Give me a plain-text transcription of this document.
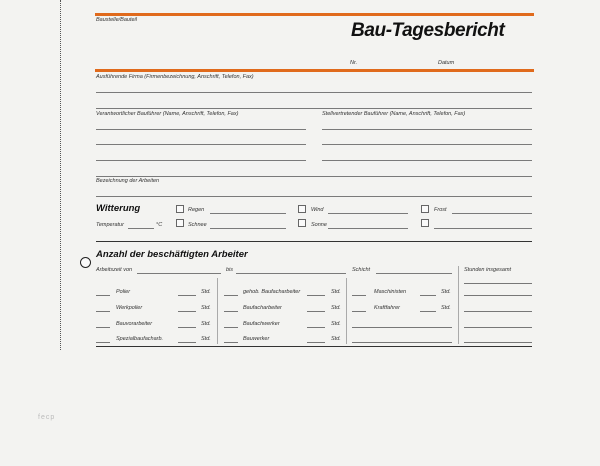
Baustelle/Bauteil	Bau-Tagesbericht
Nr.	Datum
Ausführende Firma (Firmenbezeichnung, Anschrift, Telefon, Fax)
Verantwortlicher Bauführer (Name, Anschrift, Telefon, Fax)	Stellvertretender Bauführer (Name, Anschrift, Telefon, Fax)
Bezeichnung der Arbeiten
Witterung	Regen	Wind	Frost
Temperatur	°C	Schnee	Sonne
Anzahl der beschäftigten Arbeiter
Arbeitszeit von	bis	Schicht	Stunden insgesamt
Polier	Std.
Werkpolier	Std.
Bauvorarbeiter	Std.
Spezialbaufacharb.	Std.
gehob. Baufacharbeiter	Std.
Baufacharbeiter	Std.
Baufachwerker	Std.
Bauwerker	Std.
Maschinisten	Std.
Kraftfahrer	Std.
fecp
